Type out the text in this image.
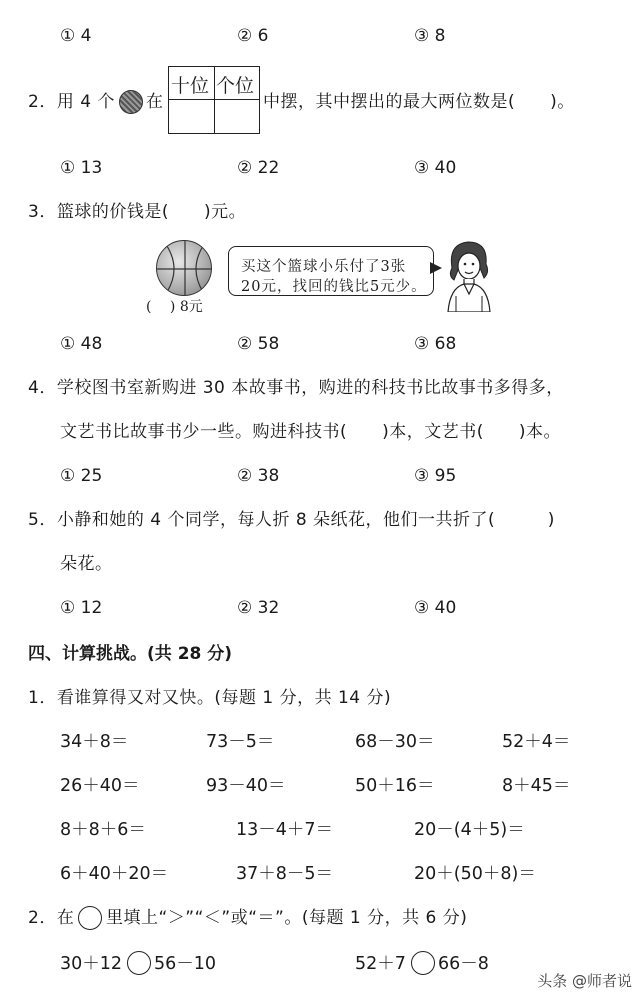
① 4	② 6	③ 8
2．用 4 个 在
十位 个位
中摆，其中摆出的最大两位数是(　　)。
① 13	② 22	③ 40
3．篮球的价钱是(　　)元。
(　 ) 8元
买这个篮球小乐付了3张
20元，找回的钱比5元少。
① 48	② 58	③ 68
4．学校图书室新购进 30 本故事书，购进的科技书比故事书多得多，
文艺书比故事书少一些。购进科技书(　　)本，文艺书(　　)本。
① 25	② 38	③ 95
5．小静和她的 4 个同学，每人折 8 朵纸花，他们一共折了(　　　)
朵花。
① 12	② 32	③ 40
四、计算挑战。(共 28 分)
1．看谁算得又对又快。(每题 1 分，共 14 分)
34＋8＝	73－5＝	68－30＝	52＋4＝
26＋40＝	93－40＝	50＋16＝	8＋45＝
8＋8＋6＝	13－4＋7＝	20－(4＋5)＝
6＋40＋20＝	37＋8－5＝	20＋(50＋8)＝
2．在 里填上“＞”“＜”或“＝”。(每题 1 分，共 6 分)
30＋12 56－10	52＋7 66－8
头条 @师者说
